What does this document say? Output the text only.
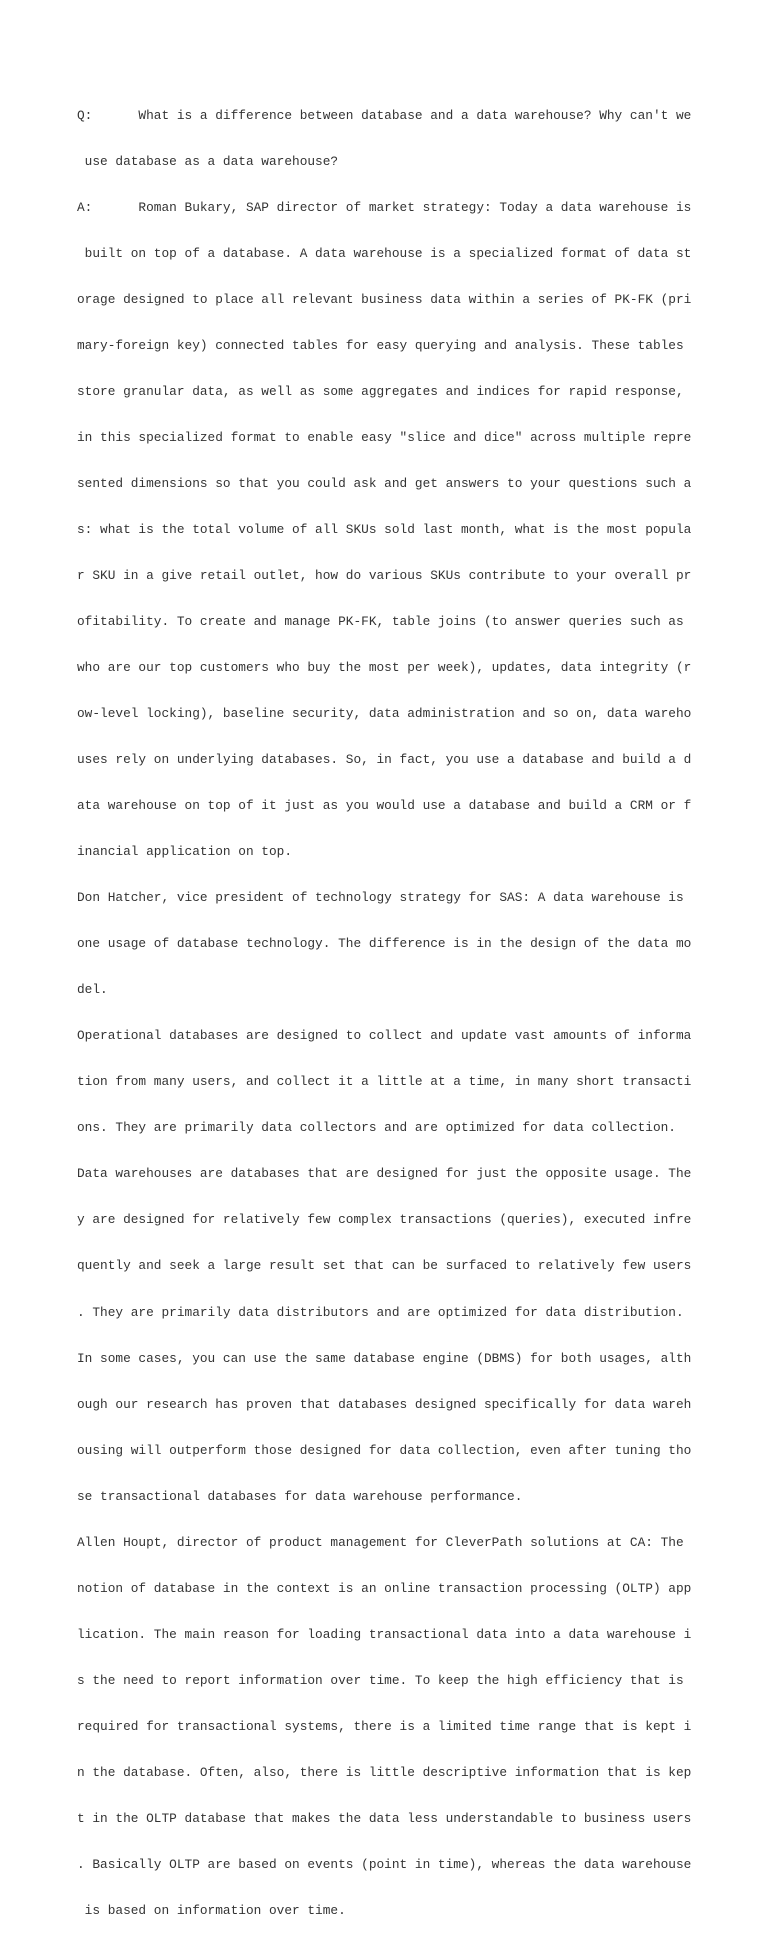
Q:      What is a difference between database and a data warehouse? Why can't we

use database as a data warehouse?

A:      Roman Bukary, SAP director of market strategy: Today a data warehouse is

built on top of a database. A data warehouse is a specialized format of data st

orage designed to place all relevant business data within a series of PK-FK (pri

mary-foreign key) connected tables for easy querying and analysis. These tables

store granular data, as well as some aggregates and indices for rapid response,

in this specialized format to enable easy "slice and dice" across multiple repre

sented dimensions so that you could ask and get answers to your questions such a

s: what is the total volume of all SKUs sold last month, what is the most popula

r SKU in a give retail outlet, how do various SKUs contribute to your overall pr

ofitability. To create and manage PK-FK, table joins (to answer queries such as

who are our top customers who buy the most per week), updates, data integrity (r

ow-level locking), baseline security, data administration and so on, data wareho

uses rely on underlying databases. So, in fact, you use a database and build a d

ata warehouse on top of it just as you would use a database and build a CRM or f

inancial application on top.

Don Hatcher, vice president of technology strategy for SAS: A data warehouse is

one usage of database technology. The difference is in the design of the data mo

del.

Operational databases are designed to collect and update vast amounts of informa

tion from many users, and collect it a little at a time, in many short transacti

ons. They are primarily data collectors and are optimized for data collection.

Data warehouses are databases that are designed for just the opposite usage. The

y are designed for relatively few complex transactions (queries), executed infre

quently and seek a large result set that can be surfaced to relatively few users

. They are primarily data distributors and are optimized for data distribution.

In some cases, you can use the same database engine (DBMS) for both usages, alth

ough our research has proven that databases designed specifically for data wareh

ousing will outperform those designed for data collection, even after tuning tho

se transactional databases for data warehouse performance.

Allen Houpt, director of product management for CleverPath solutions at CA: The

notion of database in the context is an online transaction processing (OLTP) app

lication. The main reason for loading transactional data into a data warehouse i

s the need to report information over time. To keep the high efficiency that is

required for transactional systems, there is a limited time range that is kept i

n the database. Often, also, there is little descriptive information that is kep

t in the OLTP database that makes the data less understandable to business users

. Basically OLTP are based on events (point in time), whereas the data warehouse

is based on information over time.
